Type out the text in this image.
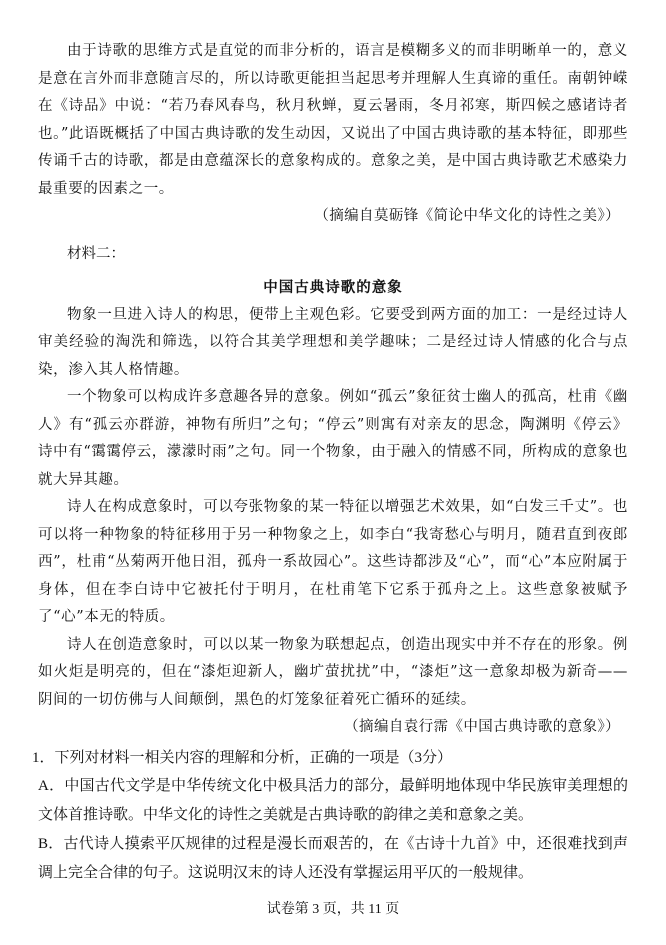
由于诗歌的思维方式是直觉的而非分析的，语言是模糊多义的而非明晰单一的，意义是意在言外而非意随言尽的，所以诗歌更能担当起思考并理解人生真谛的重任。南朝钟嵘在《诗品》中说：“若乃春风春鸟，秋月秋蝉，夏云暑雨，冬月祁寒，斯四候之感诸诗者也。”此语既概括了中国古典诗歌的发生动因，又说出了中国古典诗歌的基本特征，即那些传诵千古的诗歌，都是由意蕴深长的意象构成的。意象之美，是中国古典诗歌艺术感染力最重要的因素之一。

（摘编自莫砺锋《简论中华文化的诗性之美》）

材料二：

中国古典诗歌的意象

物象一旦进入诗人的构思，便带上主观色彩。它要受到两方面的加工：一是经过诗人审美经验的淘洗和筛选，以符合其美学理想和美学趣味；二是经过诗人情感的化合与点染，渗入其人格情趣。

一个物象可以构成许多意趣各异的意象。例如“孤云”象征贫士幽人的孤高，杜甫《幽人》有“孤云亦群游，神物有所归”之句；“停云”则寓有对亲友的思念，陶渊明《停云》诗中有“霭霭停云，濛濛时雨”之句。同一个物象，由于融入的情感不同，所构成的意象也就大异其趣。

诗人在构成意象时，可以夸张物象的某一特征以增强艺术效果，如“白发三千丈”。也可以将一种物象的特征移用于另一种物象之上，如李白“我寄愁心与明月，随君直到夜郎西”，杜甫“丛菊两开他日泪，孤舟一系故园心”。这些诗都涉及“心”，而“心”本应附属于身体，但在李白诗中它被托付于明月，在杜甫笔下它系于孤舟之上。这些意象被赋予了“心”本无的特质。

诗人在创造意象时，可以以某一物象为联想起点，创造出现实中并不存在的形象。例如火炬是明亮的，但在“漆炬迎新人，幽圹萤扰扰”中，“漆炬”这一意象却极为新奇——阴间的一切仿佛与人间颠倒，黑色的灯笼象征着死亡循环的延续。

（摘编自袁行霈《中国古典诗歌的意象》）

1．下列对材料一相关内容的理解和分析，正确的一项是（3分）

A．中国古代文学是中华传统文化中极具活力的部分，最鲜明地体现中华民族审美理想的文体首推诗歌。中华文化的诗性之美就是古典诗歌的韵律之美和意象之美。

B．古代诗人摸索平仄规律的过程是漫长而艰苦的，在《古诗十九首》中，还很难找到声调上完全合律的句子。这说明汉末的诗人还没有掌握运用平仄的一般规律。

试卷第 3 页，共 11 页
